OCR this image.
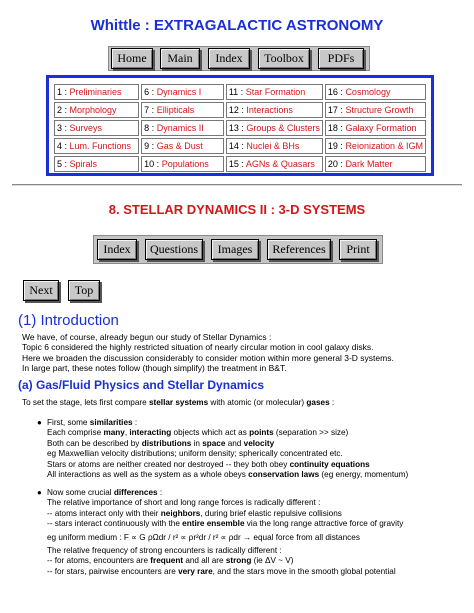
Whittle : EXTRAGALACTIC ASTRONOMY
Home	Main	Index	Toolbox	PDFs
1 : Preliminaries	6 : Dynamics I	11 : Star Formation	16 : Cosmology
2 : Morphology	7 : Ellipticals	12 : Interactions	17 : Structure Growth
3 : Surveys	8 : Dynamics II	13 : Groups & Clusters	18 : Galaxy Formation
4 : Lum. Functions	9 : Gas & Dust	14 : Nuclei & BHs	19 : Reionization & IGM
5 : Spirals	10 : Populations	15 : AGNs & Quasars	20 : Dark Matter
8. STELLAR DYNAMICS II : 3-D SYSTEMS
Index	Questions	Images	References	Print
Next	Top
(1) Introduction
We have, of course, already begun our study of Stellar Dynamics :
Topic 6 considered the highly restricted situation of nearly circular motion in cool galaxy disks.
Here we broaden the discussion considerably to consider motion within more general 3-D systems.
In large part, these notes follow (though simplify) the treatment in B&T.
(a) Gas/Fluid Physics and Stellar Dynamics
To set the stage, lets first compare stellar systems with atomic (or molecular) gases :
● First, some similarities :
Each comprise many, interacting objects which act as points (separation >> size)
Both can be described by distributions in space and velocity
eg Maxwellian velocity distributions; uniform density; spherically concentrated etc.
Stars or atoms are neither created nor destroyed -- they both obey continuity equations
All interactions as well as the system as a whole obeys conservation laws (eg energy, momentum)
● Now some crucial differences :
The relative importance of short and long range forces is radically different :
-- atoms interact only with their neighbors, during brief elastic repulsive collisions
-- stars interact continuously with the entire ensemble via the long range attractive force of gravity
eg uniform medium : F ∝ G ρΩdr / r² ∝ ρr²dr / r² ∝ ρdr → equal force from all distances
The relative frequency of strong encounters is radically different :
-- for atoms, encounters are frequent and all are strong (ie ΔV ~ V)
-- for stars, pairwise encounters are very rare, and the stars move in the smooth global potential
